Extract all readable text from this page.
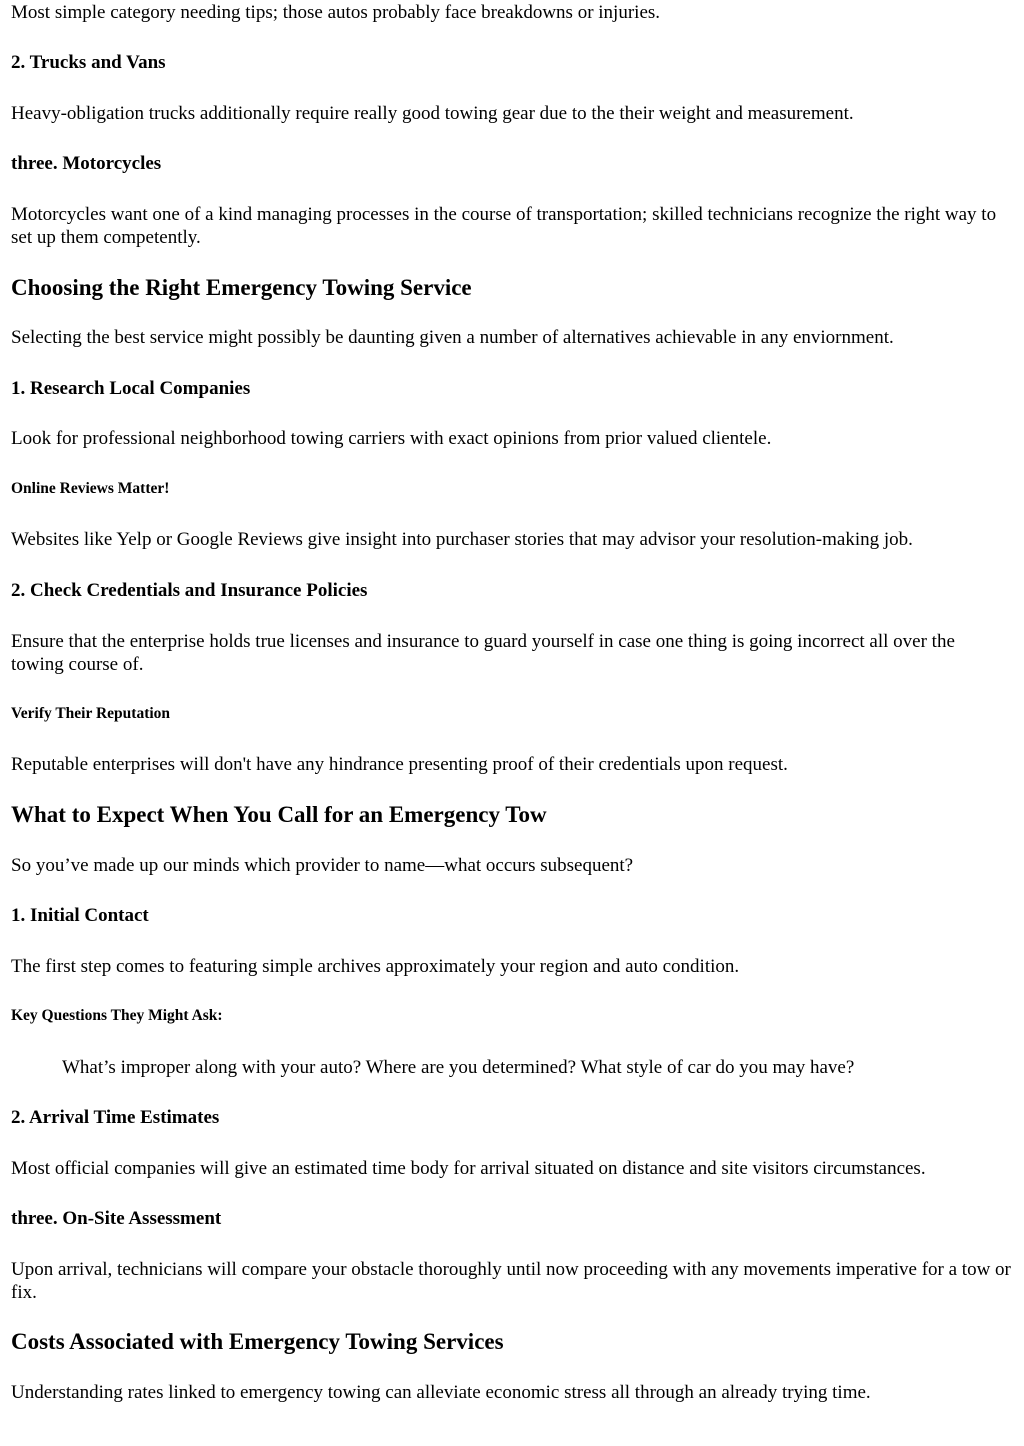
Most simple category needing tips; those autos probably face breakdowns or injuries.

2. Trucks and Vans

Heavy-obligation trucks additionally require really good towing gear due to the their weight and measurement.

three. Motorcycles

Motorcycles want one of a kind managing processes in the course of transportation; skilled technicians recognize the right way to set up them competently.

Choosing the Right Emergency Towing Service

Selecting the best service might possibly be daunting given a number of alternatives achievable in any enviornment.

1. Research Local Companies

Look for professional neighborhood towing carriers with exact opinions from prior valued clientele.

Online Reviews Matter!

Websites like Yelp or Google Reviews give insight into purchaser stories that may advisor your resolution-making job.

2. Check Credentials and Insurance Policies

Ensure that the enterprise holds true licenses and insurance to guard yourself in case one thing is going incorrect all over the towing course of.

Verify Their Reputation

Reputable enterprises will don't have any hindrance presenting proof of their credentials upon request.

What to Expect When You Call for an Emergency Tow

So you’ve made up our minds which provider to name—what occurs subsequent?

1. Initial Contact

The first step comes to featuring simple archives approximately your region and auto condition.

Key Questions They Might Ask:

What’s improper along with your auto? Where are you determined? What style of car do you may have?

2. Arrival Time Estimates

Most official companies will give an estimated time body for arrival situated on distance and site visitors circumstances.

three. On-Site Assessment

Upon arrival, technicians will compare your obstacle thoroughly until now proceeding with any movements imperative for a tow or fix.

Costs Associated with Emergency Towing Services

Understanding rates linked to emergency towing can alleviate economic stress all through an already trying time.
